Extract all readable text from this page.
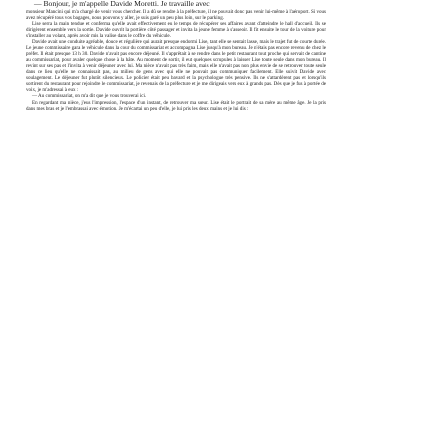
— Bonjour, je m'appelle Davide Moretti. Je travaille avec

monsieur Mancini qui m'a chargé de venir vous chercher. Il a dû se rendre à la préfecture, il ne pouvait donc pas venir lui-même à l'aéroport. Si vous avez récupéré tous vos bagages, nous pouvons y aller, je suis garé un peu plus loin, sur le parking.

Lise serra la main tendue et conferma qu'elle avait effectivement eu le temps de récupérer ses affaires avant d'atteindre le hall d'accueil. Ils se dirigèrent ensemble vers la sortie. Davide ouvrit la portière côté passager et invita la jeune femme à s'asseoir. Il fit ensuite le tour de la voiture pour s'installer au volant, après avoir mis la valise dans le coffre du véhicule.

Davide avait une conduite agréable, douce et régulière qui aurait presque endormi Lise, tant elle se sentait lasse, mais le trajet fut de courte durée. Le jeune commissaire gara le véhicule dans la cour du commissariat et accompagna Lise jusqu'à mon bureau. Je n'étais pas encore revenu de chez le préfet. Il était presque 13 h 30. Davide n'avait pas encore déjeuné. Il s'apprêtait à se rendre dans le petit restaurant tout proche qui servait de cantine au commissariat, pour avaler quelque chose à la hâte. Au moment de sortir, il eut quelques scrupules à laisser Lise toute seule dans mon bureau. Il revint sur ses pas et l'invita à venir déjeuner avec lui. Ma nièce n'avait pas très faim, mais elle n'avait pas non plus envie de se retrouver toute seule dans ce lieu qu'elle ne connaissait pas, au milieu de gens avec qui elle ne pouvait pas communiquer facilement. Elle suivit Davide avec soulagement. Le déjeuner fut plutôt silencieux. Le policier était peu bavard et la psychologue très pensive. Ils ne s'attardèrent pas et lorsqu'ils sortirent du restaurant pour rejoindre le commissariat, je revenais de la préfecture et je me dirigeais vers eux à grands pas. Dès que je fus à portée de voix, je m'adressai à eux :

— Au commissariat, on m'a dit que je vous trouverai ici.

En regardant ma nièce, j'eus l'impression, l'espace d'un instant, de retrouver ma sœur. Lise était le portrait de sa mère au même âge. Je la pris dans mes bras et je l'embrassai avec émotion. Je m'écartai un peu d'elle, je lui pris les deux mains et je lui dis :
